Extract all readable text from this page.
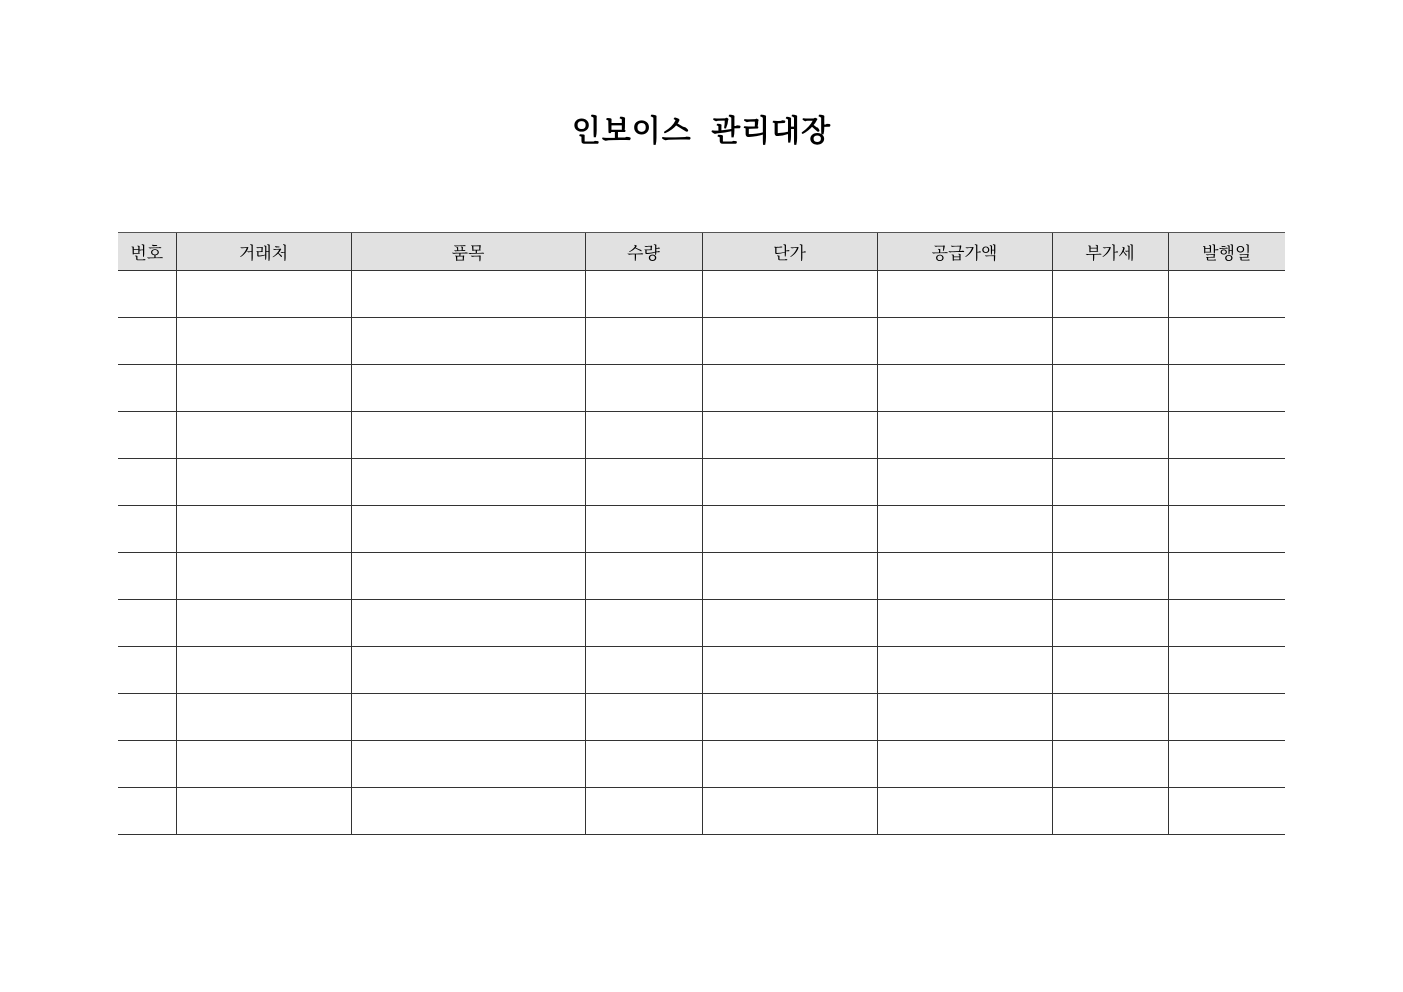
인보이스 관리대장
번호	거래처	품목	수량	단가	공급가액	부가세	발행일
